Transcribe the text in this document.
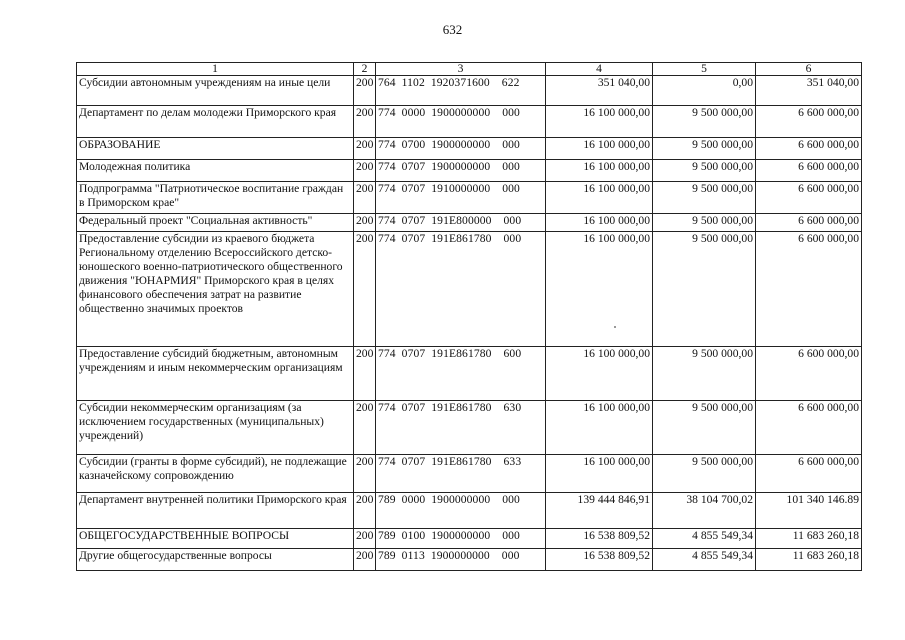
632
1	2	3	4	5	6
Субсидии автономным учреждениям на иные цели	200	764  1102  1920371600    622	351 040,00	0,00	351 040,00
Департамент по делам молодежи Приморского края	200	774  0000  1900000000    000	16 100 000,00	9 500 000,00	6 600 000,00
ОБРАЗОВАНИЕ	200	774  0700  1900000000    000	16 100 000,00	9 500 000,00	6 600 000,00
Молодежная политика	200	774  0707  1900000000    000	16 100 000,00	9 500 000,00	6 600 000,00
Подпрограмма "Патриотическое воспитание граждан в Приморском крае"	200	774  0707  1910000000    000	16 100 000,00	9 500 000,00	6 600 000,00
Федеральный проект "Социальная активность"	200	774  0707  191E800000    000	16 100 000,00	9 500 000,00	6 600 000,00
Предоставление субсидии из краевого бюджета Региональному отделению Всероссийского детско-юношеского военно-патриотического общественного движения "ЮНАРМИЯ" Приморского края в целях финансового обеспечения затрат на развитие общественно значимых проектов	200	774  0707  191E861780    000	16 100 000,00	9 500 000,00	6 600 000,00
Предоставление субсидий бюджетным, автономным учреждениям и иным некоммерческим организациям	200	774  0707  191E861780    600	16 100 000,00	9 500 000,00	6 600 000,00
Субсидии некоммерческим организациям (за исключением государственных (муниципальных) учреждений)	200	774  0707  191E861780    630	16 100 000,00	9 500 000,00	6 600 000,00
Субсидии (гранты в форме субсидий), не подлежащие казначейскому сопровождению	200	774  0707  191E861780    633	16 100 000,00	9 500 000,00	6 600 000,00
Департамент внутренней политики Приморского края	200	789  0000  1900000000    000	139 444 846,91	38 104 700,02	101 340 146.89
ОБЩЕГОСУДАРСТВЕННЫЕ ВОПРОСЫ	200	789  0100  1900000000    000	16 538 809,52	4 855 549,34	11 683 260,18
Другие общегосударственные вопросы	200	789  0113  1900000000    000	16 538 809,52	4 855 549,34	11 683 260,18
